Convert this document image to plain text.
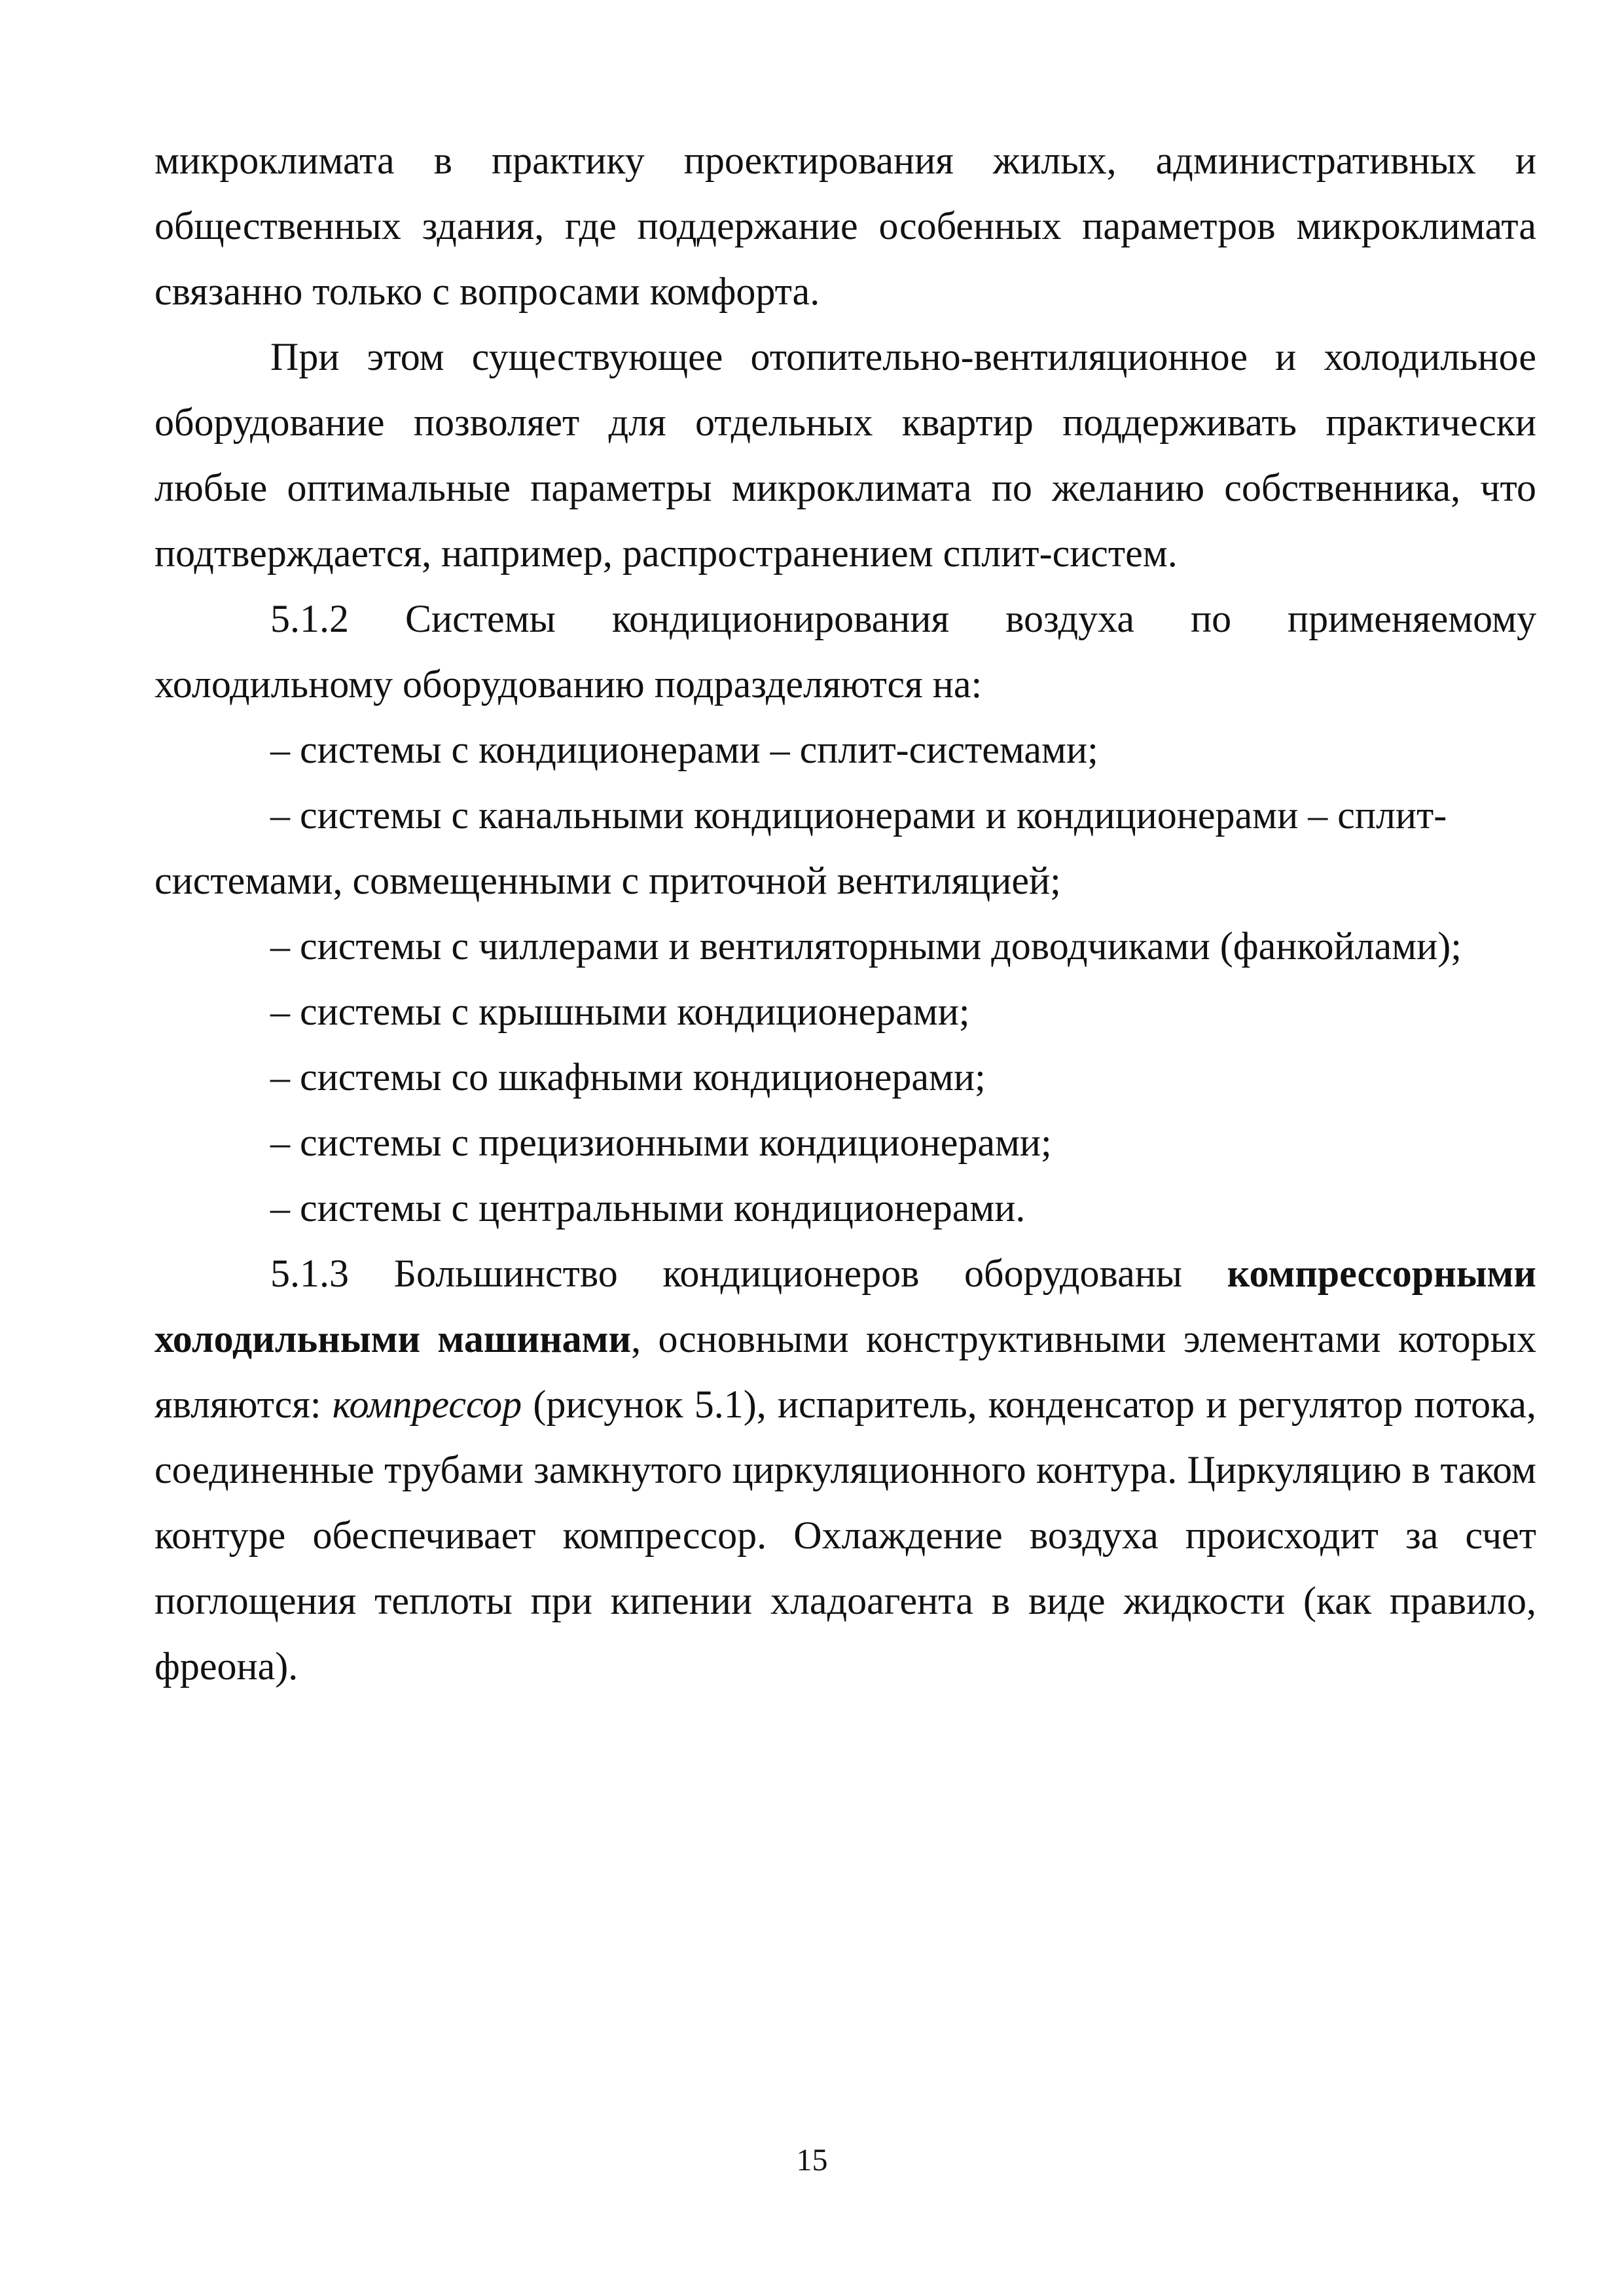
микроклимата в практику проектирования жилых, административных и общественных здания, где поддержание особенных параметров микроклимата связанно только с вопросами комфорта.

При этом существующее отопительно-вентиляционное и холодильное оборудование позволяет для отдельных квартир поддерживать практически любые оптимальные параметры микроклимата по желанию собственника, что подтверждается, например, распространением сплит-систем.

5.1.2 Системы кондиционирования воздуха по применяемому холодильному оборудованию подразделяются на:

– системы с кондиционерами – сплит-системами;

– системы с канальными кондиционерами и кондиционерами – сплит-системами, совмещенными с приточной вентиляцией;

– системы с чиллерами и вентиляторными доводчиками (фанкойлами);

– системы с крышными кондиционерами;

– системы со шкафными кондиционерами;

– системы с прецизионными кондиционерами;

– системы с центральными кондиционерами.

5.1.3 Большинство кондиционеров оборудованы компрессорными холодильными машинами, основными конструктивными элементами которых являются: компрессор (рисунок 5.1), испаритель, конденсатор и регулятор потока, соединенные трубами замкнутого циркуляционного контура. Циркуляцию в таком контуре обеспечивает компрессор. Охлаждение воздуха происходит за счет поглощения теплоты при кипении хладоагента в виде жидкости (как правило, фреона).

15
